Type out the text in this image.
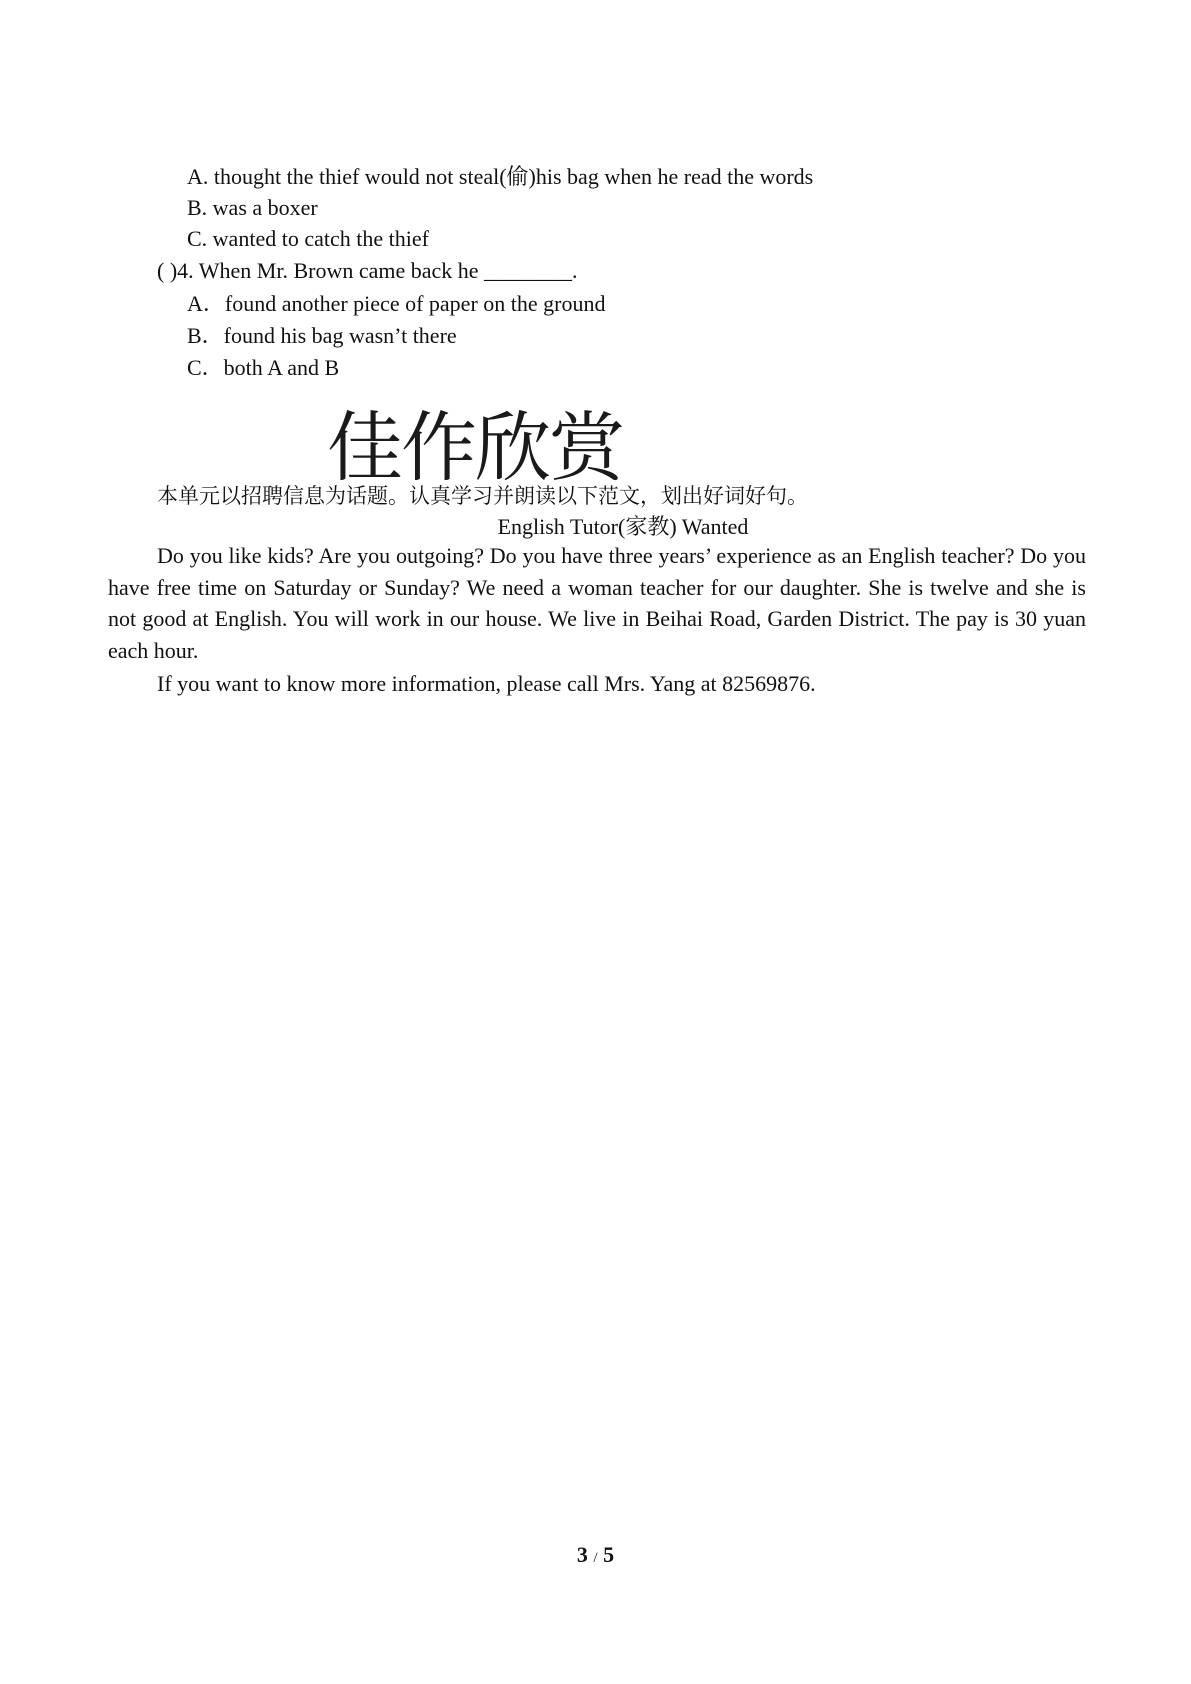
A. thought the thief would not steal(偷)his bag when he read the words
B. was a boxer
C. wanted to catch the thief
( )4. When Mr. Brown came back he ________.
A．found another piece of paper on the ground
B．found his bag wasn’t there
C．both A and B
佳作欣赏
本单元以招聘信息为话题。认真学习并朗读以下范文，划出好词好句。
English Tutor(家教) Wanted

Do you like kids? Are you outgoing? Do you have three years’ experience as an English teacher? Do you have free time on Saturday or Sunday? We need a woman teacher for our daughter. She is twelve and she is not good at English. You will work in our house. We live in Beihai Road, Garden District. The pay is 30 yuan each hour.

If you want to know more information, please call Mrs. Yang at 82569876.

3 / 5
